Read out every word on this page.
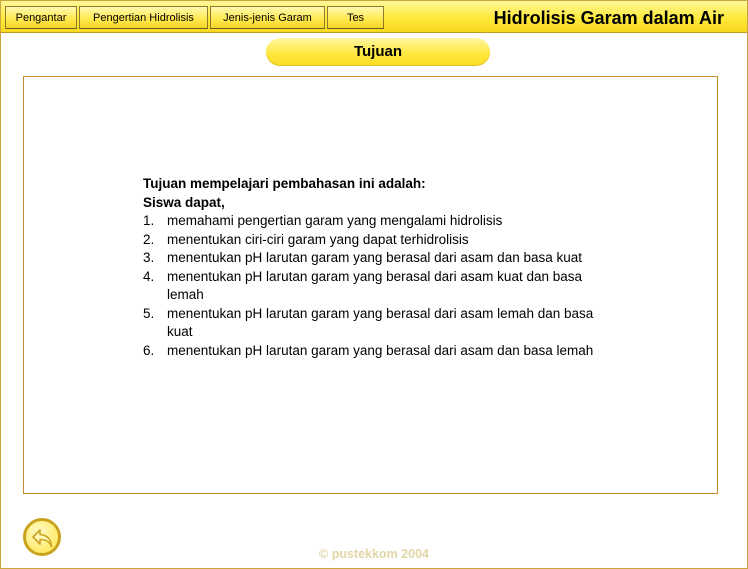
Pengantar	Pengertian Hidrolisis	Jenis-jenis Garam	Tes	Hidrolisis Garam dalam Air
Tujuan
Tujuan mempelajari pembahasan ini adalah:
Siswa dapat,
1. memahami pengertian garam yang mengalami hidrolisis
2. menentukan ciri-ciri garam yang dapat terhidrolisis
3. menentukan pH larutan garam yang berasal dari asam dan basa kuat
4. menentukan pH larutan garam yang berasal dari asam kuat dan basa lemah
5. menentukan pH larutan garam yang berasal dari asam lemah dan basa kuat
6. menentukan pH larutan garam yang berasal dari asam dan basa lemah
© pustekkom 2004
